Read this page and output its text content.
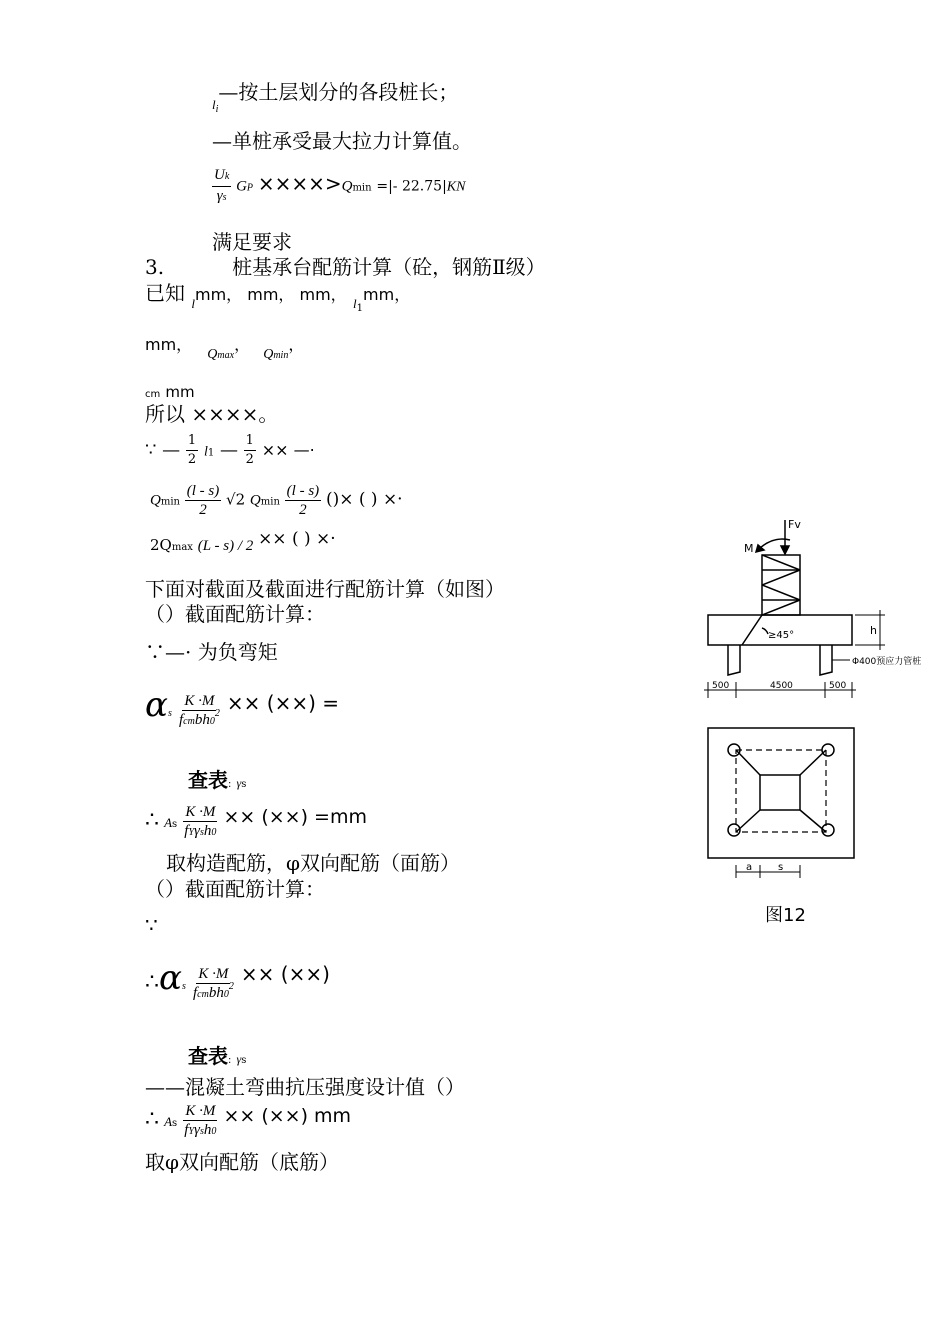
$_{li}$—按土层划分的各段桩长；
—单桩承受最大拉力计算值。
$\frac{Uk}{\gamma s}$ GP ××××>Qmin =|- 22.75|KN
满足要求
3.	桩基承台配筋计算（砼，钢筋Ⅱ级）
已知 $_l$mm， mm， mm， $_{l1}$mm，
mm， Qmax， Qmin，
cm mm
所以 ××××。
∵ — $\frac{1}{2} l1$ — $\frac{1}{2}$ ×× —·
Qmin $\frac{(l - s)}{2} √2$ Qmin $\frac{(l - s)}{2}$ ()× ( ) ×·
2Qmax (L - s) / 2 ×× ( ) ×·
下面对截面及截面进行配筋计算（如图）
（）截面配筋计算：
∵—· 为负弯矩
αs $\frac{K \cdot M}{fcmbh0^2}$ ×× (××) =
查表: γs
∴ As $\frac{K \cdot M}{\text{fYγsh0}}$ ×× (××) =mm
取构造配筋，φ双向配筋（面筋）
（）截面配筋计算：
∵
∴αs $\frac{K \cdot M}{fcmbh0^2}$ ×× (××)
查表: γs
——混凝土弯曲抗压强度设计值（）
∴ As $\frac{K \cdot M}{\text{fYγsh0}}$ ×× (××) mm
取φ双向配筋（底筋）
Fv
M
≥45°	h
Φ400预应力管桩
500	4500	500
a	s
图12
